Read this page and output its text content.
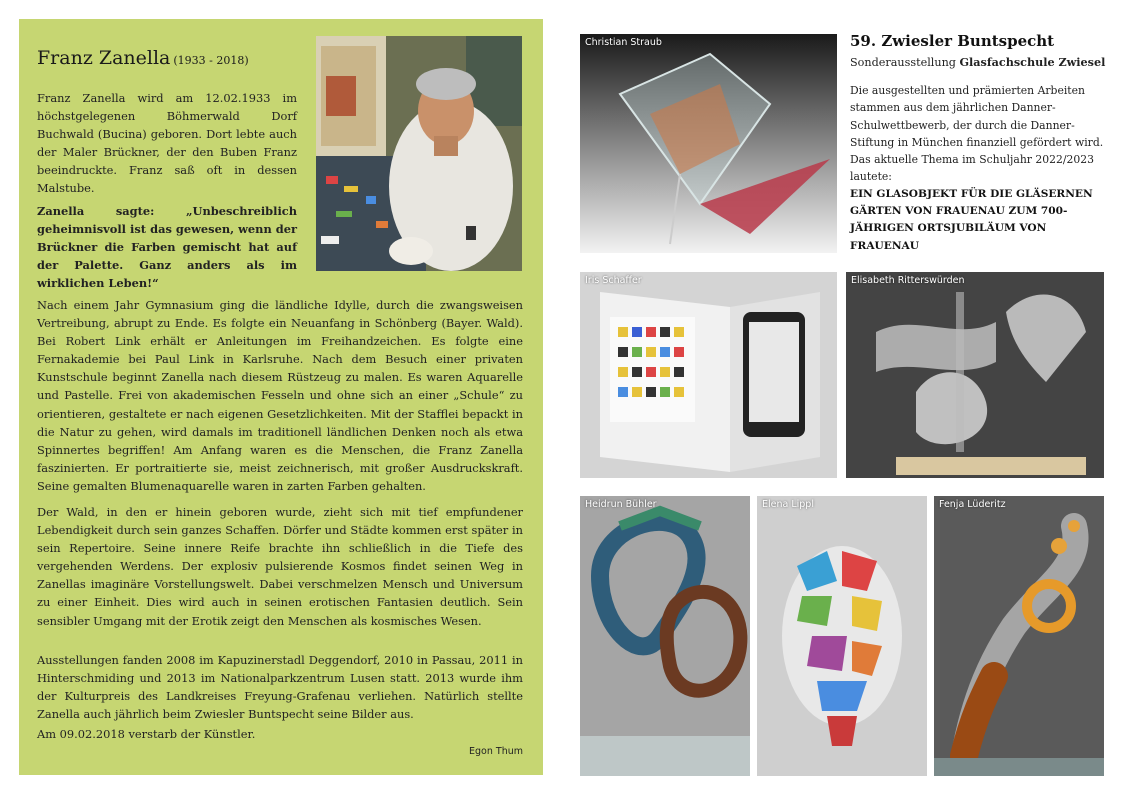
Franz Zanella (1933 - 2018)

Franz Zanella wird am 12.02.1933 im höchstgelegenen Böhmerwald Dorf Buchwald (Bucina) geboren. Dort lebte auch der Maler Brückner, der den Buben Franz beeindruckte. Franz saß oft in dessen Malstube.

Zanella sagte: „Unbeschreiblich geheimnisvoll ist das gewesen, wenn der Brückner die Farben gemischt hat auf der Palette. Ganz anders als im wirklichen Leben!“

Nach einem Jahr Gymnasium ging die ländliche Idylle, durch die zwangsweisen Vertreibung, abrupt zu Ende. Es folgte ein Neuanfang in Schönberg (Bayer. Wald). Bei Robert Link erhält er Anleitungen im Freihandzeichen. Es folgte eine Fernakademie bei Paul Link in Karlsruhe. Nach dem Besuch einer privaten Kunstschule beginnt Zanella nach diesem Rüstzeug zu malen. Es waren Aquarelle und Pastelle. Frei von akademischen Fesseln und ohne sich an einer „Schule“ zu orientieren, gestaltete er nach eigenen Gesetzlichkeiten. Mit der Stafflei bepackt in die Natur zu gehen, wird damals im traditionell ländlichen Denken noch als etwa Spinnertes begriffen! Am Anfang waren es die Menschen, die Franz Zanella faszinierten. Er portraitierte sie, meist zeichnerisch, mit großer Ausdruckskraft. Seine gemalten Blumenaquarelle waren in zarten Farben gehalten.

Der Wald, in den er hinein geboren wurde, zieht sich mit tief empfundener Lebendigkeit durch sein ganzes Schaffen. Dörfer und Städte kommen erst später in sein Repertoire. Seine innere Reife brachte ihn schließlich in die Tiefe des vergehenden Werdens. Der explosiv pulsierende Kosmos findet seinen Weg in Zanellas imaginäre Vorstellungswelt. Dabei verschmelzen Mensch und Universum zu einer Einheit. Dies wird auch in seinen erotischen Fantasien deutlich. Sein sensibler Umgang mit der Erotik zeigt den Menschen als kosmisches Wesen.

Ausstellungen fanden 2008 im Kapuzinerstadl Deggendorf, 2010 in Passau, 2011 in Hinterschmiding und 2013 im Nationalparkzentrum Lusen statt. 2013 wurde ihm der Kulturpreis des Landkreises Freyung-Grafenau verliehen. Natürlich stellte Zanella auch jährlich beim Zwiesler Buntspecht seine Bilder aus.

Am 09.02.2018 verstarb der Künstler.

Egon Thum
Christian Straub
Iris Schaffer	Elisabeth Ritterswürden
Heidrun Bühler	Elena Lippl	Fenja Lüderitz

59. Zwiesler Buntspecht

Sonderausstellung Glasfachschule Zwiesel

Die ausgestellten und prämierten Arbeiten stammen aus dem jährlichen Danner-Schulwettbewerb, der durch die Danner-Stiftung in München finanziell gefördert wird. Das aktuelle Thema im Schuljahr 2022/2023 lautete:

EIN GLASOBJEKT FÜR DIE GLÄSERNEN GÄRTEN VON FRAUENAU ZUM 700-JÄHRIGEN ORTSJUBILÄUM VON FRAUENAU
